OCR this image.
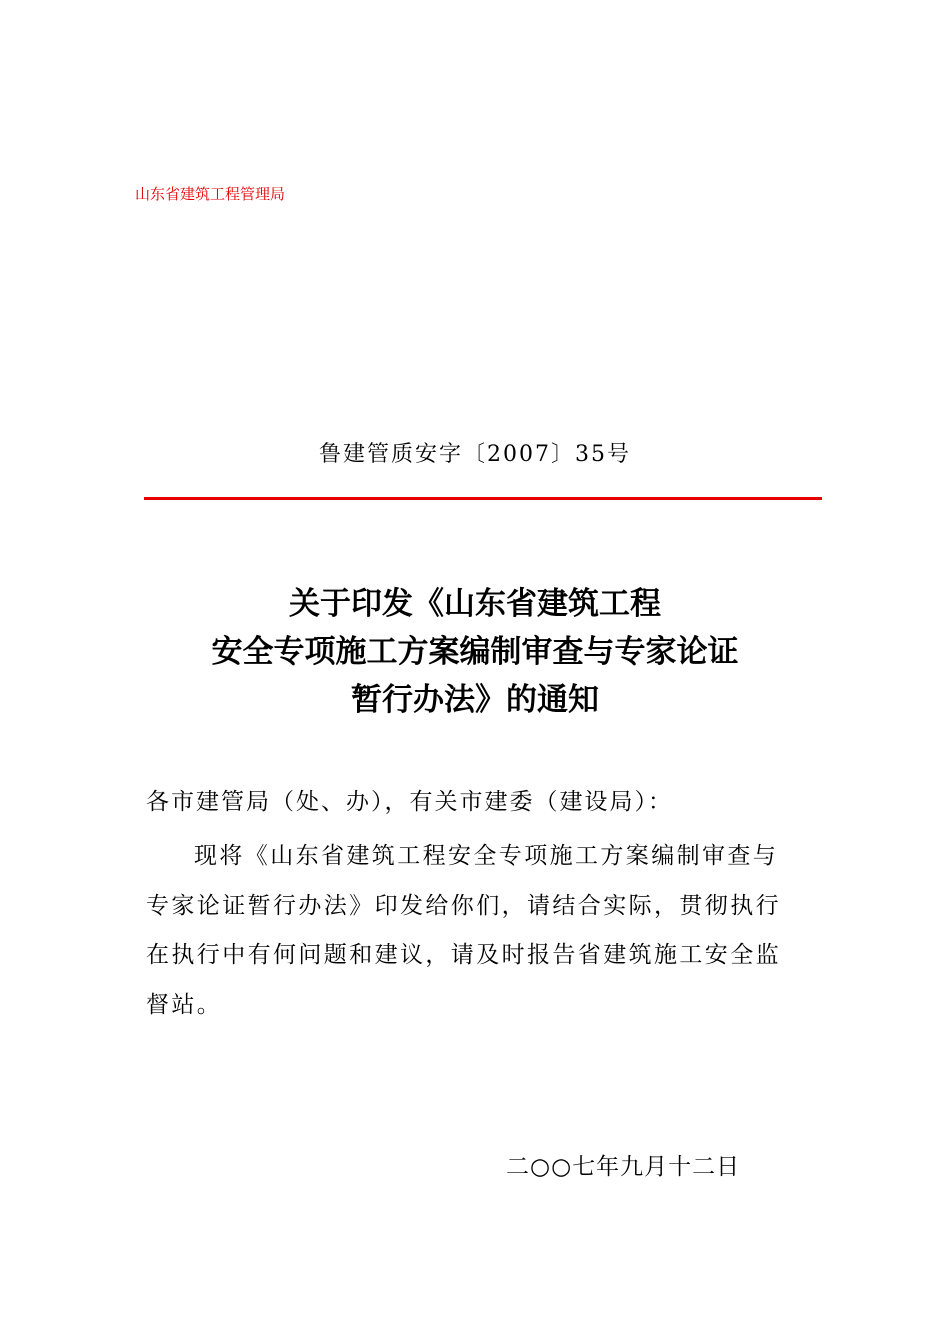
山东省建筑工程管理局
鲁建管质安字〔2007〕35号
关于印发《山东省建筑工程
安全专项施工方案编制审查与专家论证
暂行办法》的通知
各市建管局（处、办），有关市建委（建设局）：
现将《山东省建筑工程安全专项施工方案编制审查与
专家论证暂行办法》印发给你们，请结合实际，贯彻执行
在执行中有何问题和建议，请及时报告省建筑施工安全监
督站。
二○○七年九月十二日
